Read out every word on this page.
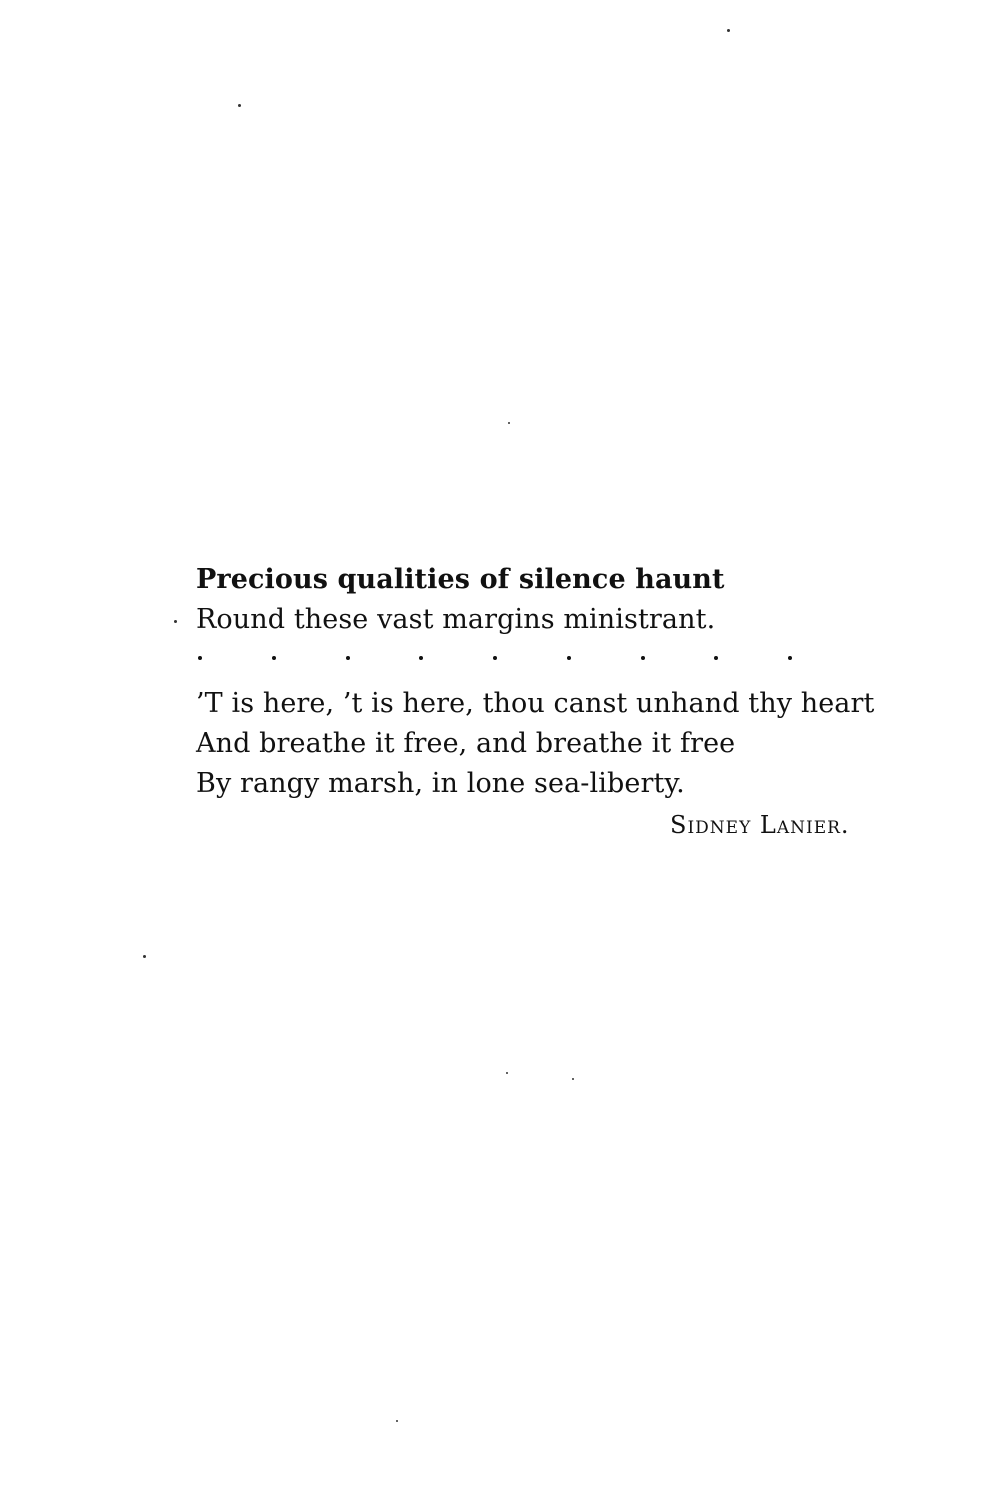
Precious qualities of silence haunt
Round these vast margins ministrant.
’T is here, ’t is here, thou canst unhand thy heart
And breathe it free, and breathe it free
By rangy marsh, in lone sea-liberty.
Sidney Lanier.
